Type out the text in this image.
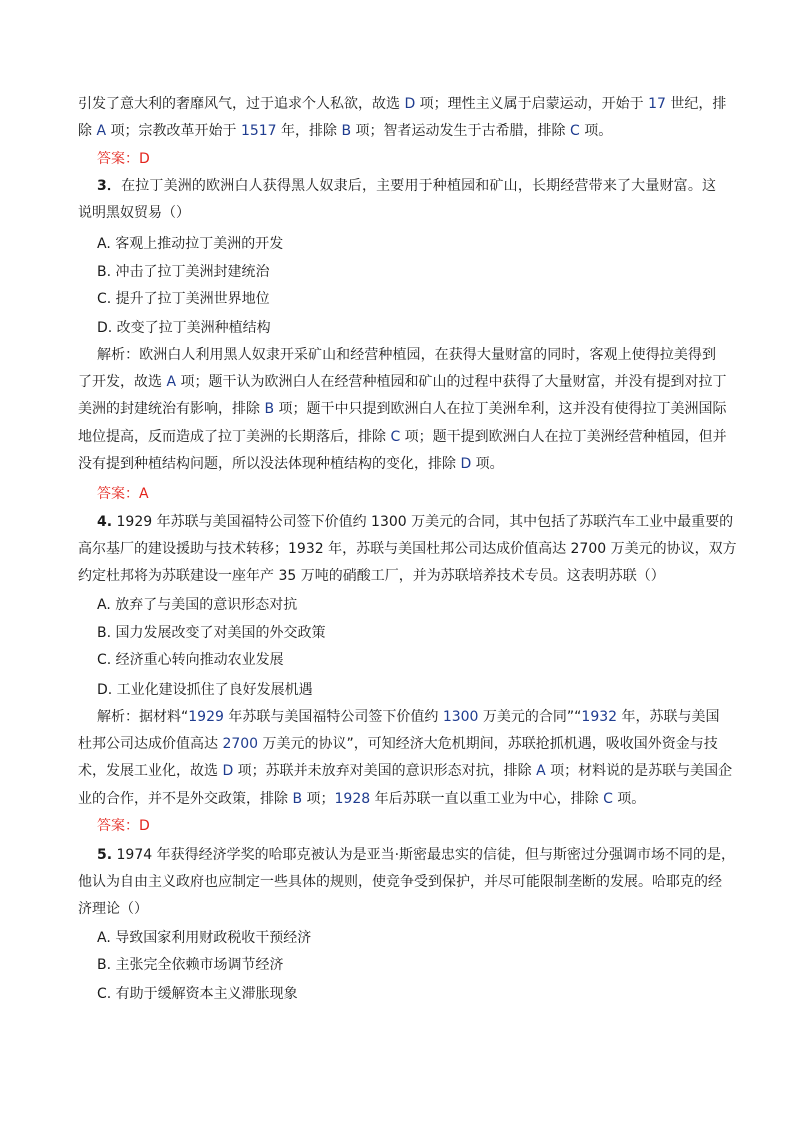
引发了意大利的奢靡风气，过于追求个人私欲，故选 D 项；理性主义属于启蒙运动，开始于 17 世纪，排
除 A 项；宗教改革开始于 1517 年，排除 B 项；智者运动发生于古希腊，排除 C 项。
答案：D
3．在拉丁美洲的欧洲白人获得黑人奴隶后，主要用于种植园和矿山，长期经营带来了大量财富。这
说明黑奴贸易（）
A. 客观上推动拉丁美洲的开发
B. 冲击了拉丁美洲封建统治
C. 提升了拉丁美洲世界地位
D. 改变了拉丁美洲种植结构
解析：欧洲白人利用黑人奴隶开采矿山和经营种植园，在获得大量财富的同时，客观上使得拉美得到
了开发，故选 A 项；题干认为欧洲白人在经营种植园和矿山的过程中获得了大量财富，并没有提到对拉丁
美洲的封建统治有影响，排除 B 项；题干中只提到欧洲白人在拉丁美洲牟利，这并没有使得拉丁美洲国际
地位提高，反而造成了拉丁美洲的长期落后，排除 C 项；题干提到欧洲白人在拉丁美洲经营种植园，但并
没有提到种植结构问题，所以没法体现种植结构的变化，排除 D 项。
答案：A
4. 1929 年苏联与美国福特公司签下价值约 1300 万美元的合同，其中包括了苏联汽车工业中最重要的
高尔基厂的建设援助与技术转移；1932 年，苏联与美国杜邦公司达成价值高达 2700 万美元的协议，双方
约定杜邦将为苏联建设一座年产 35 万吨的硝酸工厂，并为苏联培养技术专员。这表明苏联（）
A. 放弃了与美国的意识形态对抗
B. 国力发展改变了对美国的外交政策
C. 经济重心转向推动农业发展
D. 工业化建设抓住了良好发展机遇
解析：据材料“1929 年苏联与美国福特公司签下价值约 1300 万美元的合同”“1932 年，苏联与美国
杜邦公司达成价值高达 2700 万美元的协议”，可知经济大危机期间，苏联抢抓机遇，吸收国外资金与技
术，发展工业化，故选 D 项；苏联并未放弃对美国的意识形态对抗，排除 A 项；材料说的是苏联与美国企
业的合作，并不是外交政策，排除 B 项；1928 年后苏联一直以重工业为中心，排除 C 项。
答案：D
5. 1974 年获得经济学奖的哈耶克被认为是亚当·斯密最忠实的信徒，但与斯密过分强调市场不同的是，
他认为自由主义政府也应制定一些具体的规则，使竞争受到保护，并尽可能限制垄断的发展。哈耶克的经
济理论（）
A. 导致国家利用财政税收干预经济
B. 主张完全依赖市场调节经济
C. 有助于缓解资本主义滞胀现象
